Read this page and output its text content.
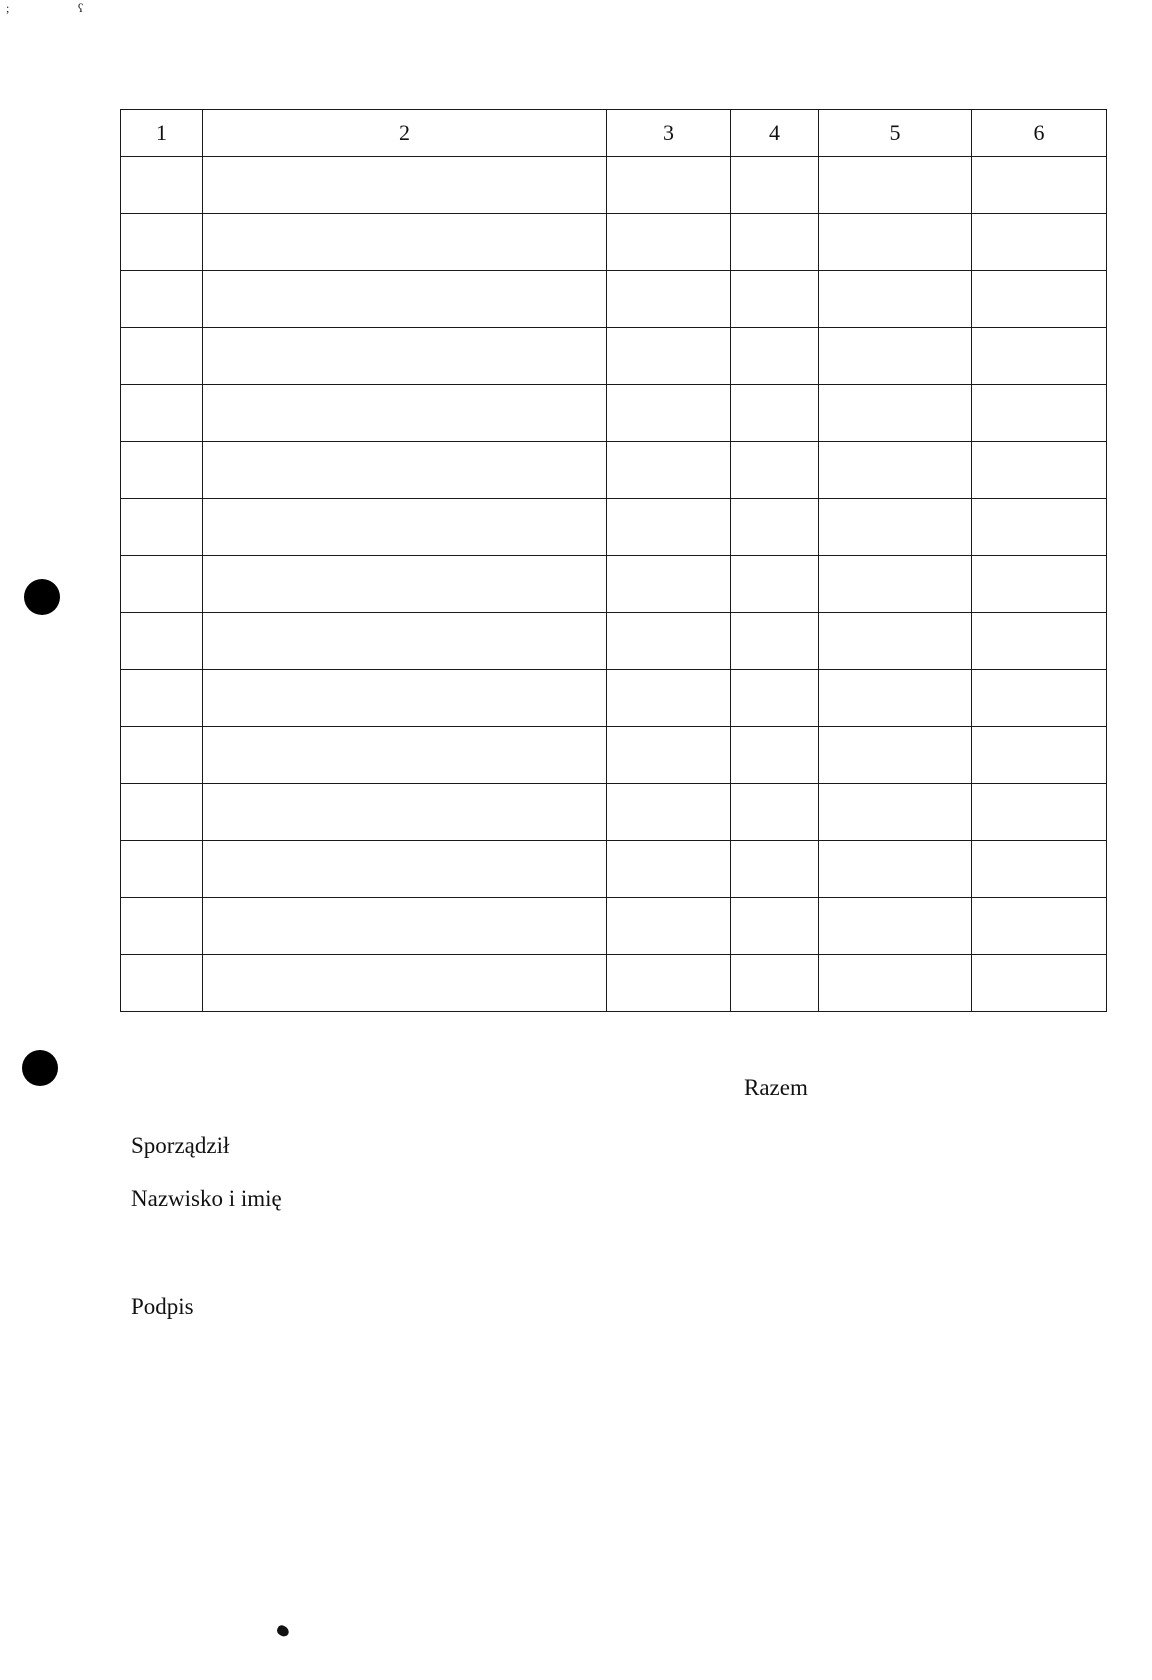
;	ʕ
1	2	3	4	5	6

Razem
Sporządził
Nazwisko i imię
Podpis
